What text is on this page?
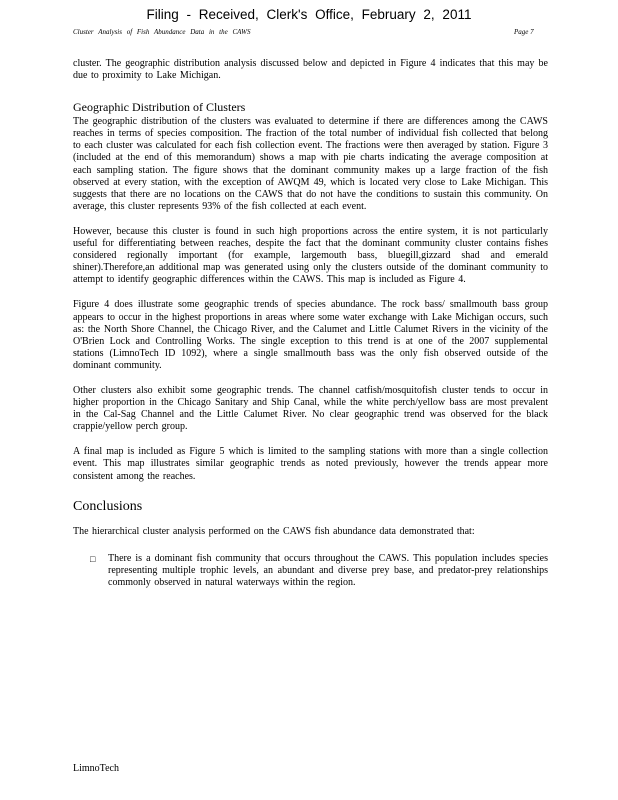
Filing - Received, Clerk's Office, February 2, 2011
Cluster Analysis of Fish Abundance Data in the CAWS	Page 7

cluster. The geographic distribution analysis discussed below and depicted in Figure 4 indicates that this may be due to proximity to Lake Michigan.

Geographic Distribution of Clusters

The geographic distribution of the clusters was evaluated to determine if there are differences among the CAWS reaches in terms of species composition. The fraction of the total number of individual fish collected that belong to each cluster was calculated for each fish collection event. The fractions were then averaged by station. Figure 3 (included at the end of this memorandum) shows a map with pie charts indicating the average composition at each sampling station. The figure shows that the dominant community makes up a large fraction of the fish observed at every station, with the exception of AWQM 49, which is located very close to Lake Michigan. This suggests that there are no locations on the CAWS that do not have the conditions to sustain this community. On average, this cluster represents 93% of the fish collected at each event.

However, because this cluster is found in such high proportions across the entire system, it is not particularly useful for differentiating between reaches, despite the fact that the dominant community cluster contains fishes considered regionally important (for example, largemouth bass, bluegill,gizzard shad and emerald shiner).Therefore,an additional map was generated using only the clusters outside of the dominant community to attempt to identify geographic differences within the CAWS. This map is included as Figure 4.

Figure 4 does illustrate some geographic trends of species abundance. The rock bass/ smallmouth bass group appears to occur in the highest proportions in areas where some water exchange with Lake Michigan occurs, such as: the North Shore Channel, the Chicago River, and the Calumet and Little Calumet Rivers in the vicinity of the O'Brien Lock and Controlling Works. The single exception to this trend is at one of the 2007 supplemental stations (LimnoTech ID 1092), where a single smallmouth bass was the only fish observed outside of the dominant community.

Other clusters also exhibit some geographic trends. The channel catfish/mosquitofish cluster tends to occur in higher proportion in the Chicago Sanitary and Ship Canal, while the white perch/yellow bass are most prevalent in the Cal-Sag Channel and the Little Calumet River. No clear geographic trend was observed for the black crappie/yellow perch group.

A final map is included as Figure 5 which is limited to the sampling stations with more than a single collection event. This map illustrates similar geographic trends as noted previously, however the trends appear more consistent among the reaches.

Conclusions

The hierarchical cluster analysis performed on the CAWS fish abundance data demonstrated that:

□	There is a dominant fish community that occurs throughout the CAWS. This population includes species representing multiple trophic levels, an abundant and diverse prey base, and predator-prey relationships commonly observed in natural waterways within the region.

LimnoTech
